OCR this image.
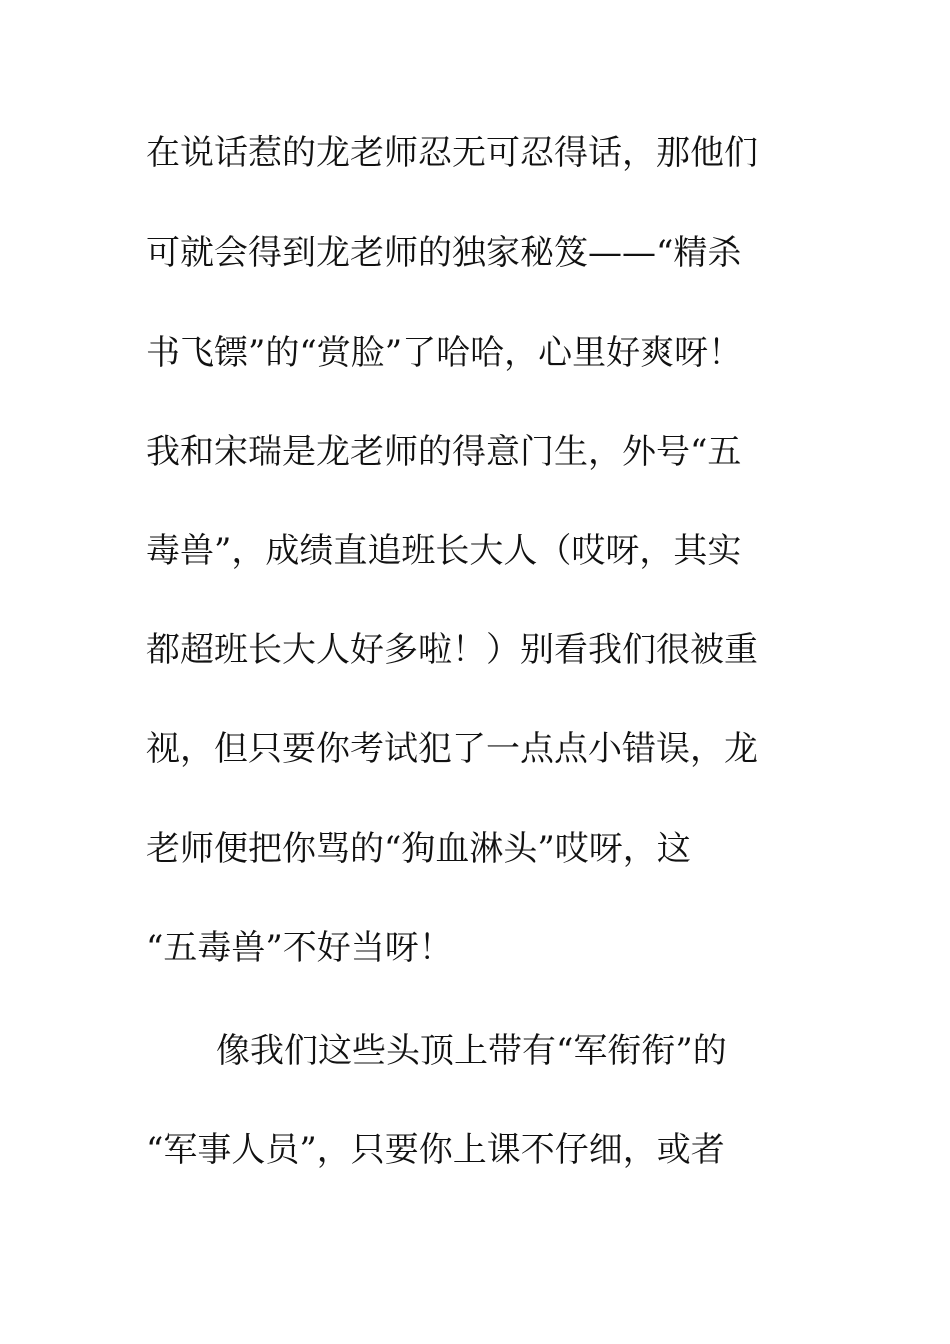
在说话惹的龙老师忍无可忍得话，那他们
可就会得到龙老师的独家秘笈——“精杀
书飞镖”的“赏脸”了哈哈，心里好爽呀！
我和宋瑞是龙老师的得意门生，外号“五
毒兽”，成绩直追班长大人（哎呀，其实
都超班长大人好多啦！）别看我们很被重
视，但只要你考试犯了一点点小错误，龙
老师便把你骂的“狗血淋头”哎呀，这
“五毒兽”不好当呀！
像我们这些头顶上带有“军衔衔”的
“军事人员”，只要你上课不仔细，或者
